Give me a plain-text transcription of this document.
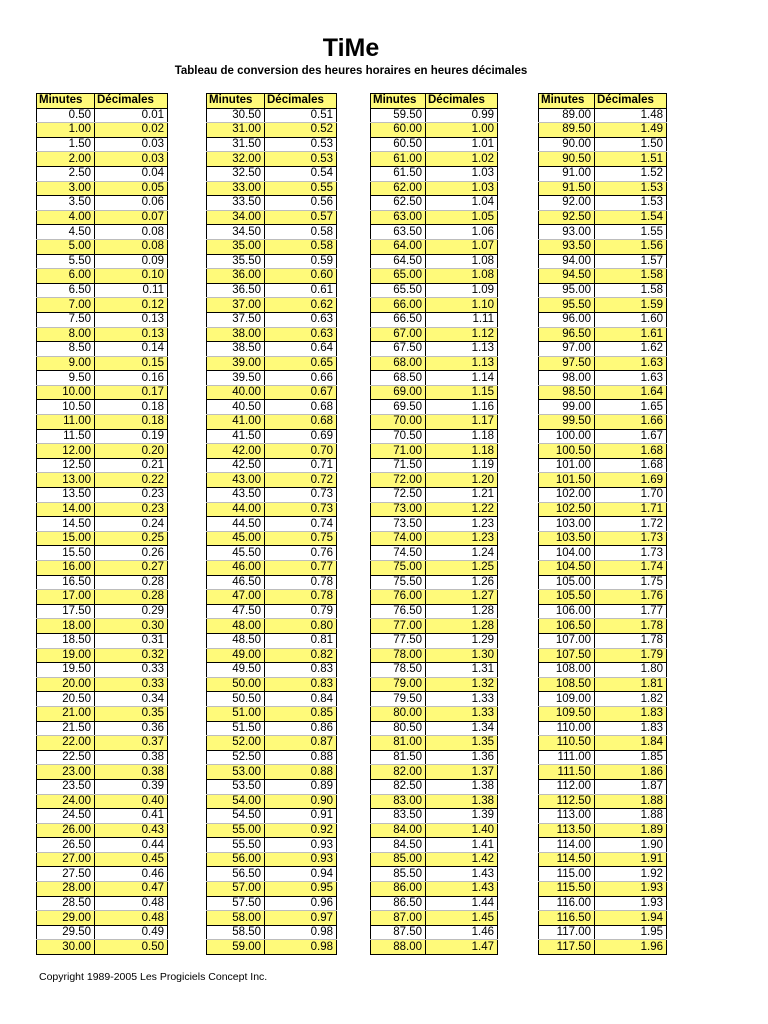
TiMe
Tableau de conversion des heures horaires en heures décimales
Minutes	Décimales
0.50	0.01
1.00	0.02
1.50	0.03
2.00	0.03
2.50	0.04
3.00	0.05
3.50	0.06
4.00	0.07
4.50	0.08
5.00	0.08
5.50	0.09
6.00	0.10
6.50	0.11
7.00	0.12
7.50	0.13
8.00	0.13
8.50	0.14
9.00	0.15
9.50	0.16
10.00	0.17
10.50	0.18
11.00	0.18
11.50	0.19
12.00	0.20
12.50	0.21
13.00	0.22
13.50	0.23
14.00	0.23
14.50	0.24
15.00	0.25
15.50	0.26
16.00	0.27
16.50	0.28
17.00	0.28
17.50	0.29
18.00	0.30
18.50	0.31
19.00	0.32
19.50	0.33
20.00	0.33
20.50	0.34
21.00	0.35
21.50	0.36
22.00	0.37
22.50	0.38
23.00	0.38
23.50	0.39
24.00	0.40
24.50	0.41
26.00	0.43
26.50	0.44
27.00	0.45
27.50	0.46
28.00	0.47
28.50	0.48
29.00	0.48
29.50	0.49
30.00	0.50
Minutes	Décimales
30.50	0.51
31.00	0.52
31.50	0.53
32.00	0.53
32.50	0.54
33.00	0.55
33.50	0.56
34.00	0.57
34.50	0.58
35.00	0.58
35.50	0.59
36.00	0.60
36.50	0.61
37.00	0.62
37.50	0.63
38.00	0.63
38.50	0.64
39.00	0.65
39.50	0.66
40.00	0.67
40.50	0.68
41.00	0.68
41.50	0.69
42.00	0.70
42.50	0.71
43.00	0.72
43.50	0.73
44.00	0.73
44.50	0.74
45.00	0.75
45.50	0.76
46.00	0.77
46.50	0.78
47.00	0.78
47.50	0.79
48.00	0.80
48.50	0.81
49.00	0.82
49.50	0.83
50.00	0.83
50.50	0.84
51.00	0.85
51.50	0.86
52.00	0.87
52.50	0.88
53.00	0.88
53.50	0.89
54.00	0.90
54.50	0.91
55.00	0.92
55.50	0.93
56.00	0.93
56.50	0.94
57.00	0.95
57.50	0.96
58.00	0.97
58.50	0.98
59.00	0.98
Minutes	Décimales
59.50	0.99
60.00	1.00
60.50	1.01
61.00	1.02
61.50	1.03
62.00	1.03
62.50	1.04
63.00	1.05
63.50	1.06
64.00	1.07
64.50	1.08
65.00	1.08
65.50	1.09
66.00	1.10
66.50	1.11
67.00	1.12
67.50	1.13
68.00	1.13
68.50	1.14
69.00	1.15
69.50	1.16
70.00	1.17
70.50	1.18
71.00	1.18
71.50	1.19
72.00	1.20
72.50	1.21
73.00	1.22
73.50	1.23
74.00	1.23
74.50	1.24
75.00	1.25
75.50	1.26
76.00	1.27
76.50	1.28
77.00	1.28
77.50	1.29
78.00	1.30
78.50	1.31
79.00	1.32
79.50	1.33
80.00	1.33
80.50	1.34
81.00	1.35
81.50	1.36
82.00	1.37
82.50	1.38
83.00	1.38
83.50	1.39
84.00	1.40
84.50	1.41
85.00	1.42
85.50	1.43
86.00	1.43
86.50	1.44
87.00	1.45
87.50	1.46
88.00	1.47
Minutes	Décimales
89.00	1.48
89.50	1.49
90.00	1.50
90.50	1.51
91.00	1.52
91.50	1.53
92.00	1.53
92.50	1.54
93.00	1.55
93.50	1.56
94.00	1.57
94.50	1.58
95.00	1.58
95.50	1.59
96.00	1.60
96.50	1.61
97.00	1.62
97.50	1.63
98.00	1.63
98.50	1.64
99.00	1.65
99.50	1.66
100.00	1.67
100.50	1.68
101.00	1.68
101.50	1.69
102.00	1.70
102.50	1.71
103.00	1.72
103.50	1.73
104.00	1.73
104.50	1.74
105.00	1.75
105.50	1.76
106.00	1.77
106.50	1.78
107.00	1.78
107.50	1.79
108.00	1.80
108.50	1.81
109.00	1.82
109.50	1.83
110.00	1.83
110.50	1.84
111.00	1.85
111.50	1.86
112.00	1.87
112.50	1.88
113.00	1.88
113.50	1.89
114.00	1.90
114.50	1.91
115.00	1.92
115.50	1.93
116.00	1.93
116.50	1.94
117.00	1.95
117.50	1.96
Copyright 1989-2005 Les Progiciels Concept Inc.
